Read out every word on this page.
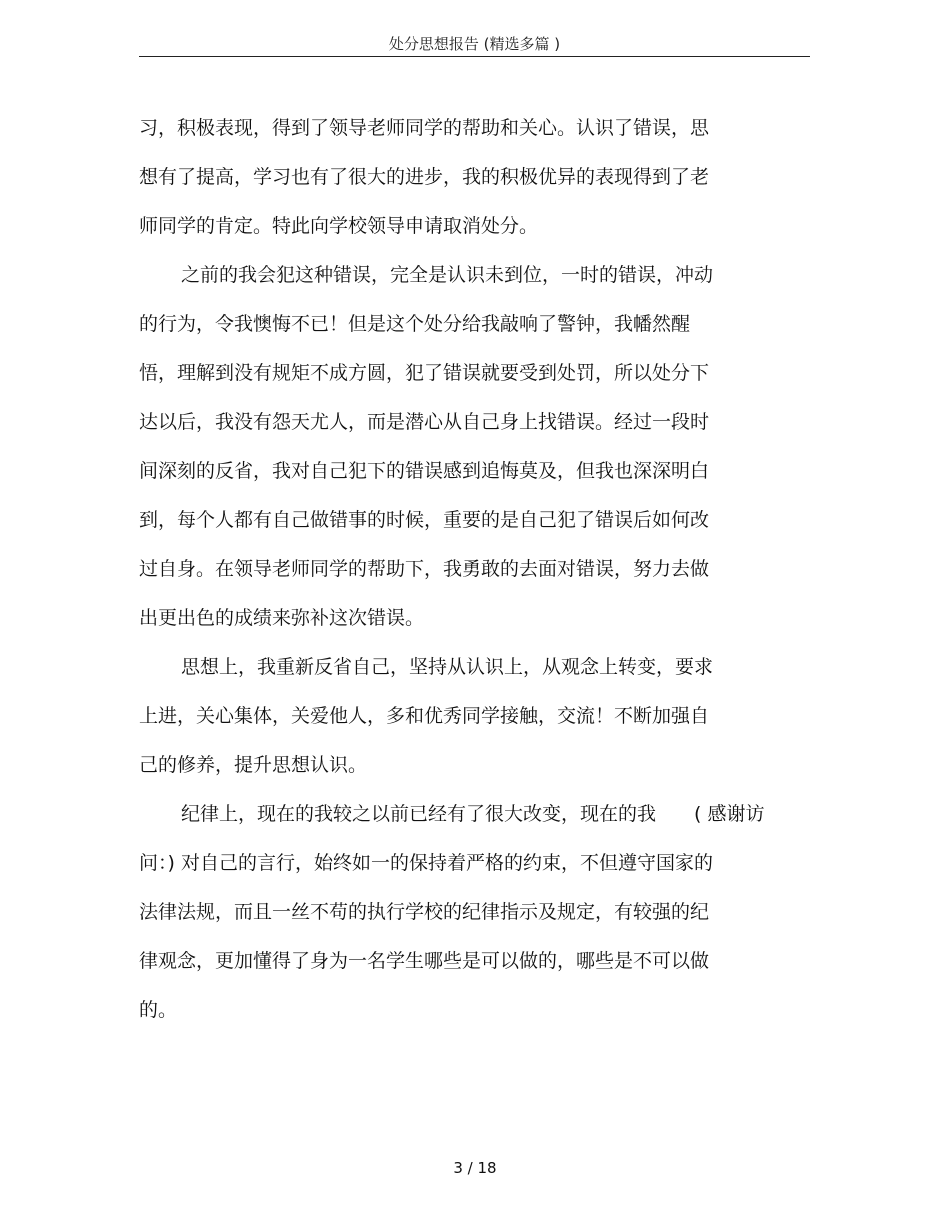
处分思想报告 (精选多篇 )
习，积极表现，得到了领导老师同学的帮助和关心。认识了错误，思
想有了提高，学习也有了很大的进步，我的积极优异的表现得到了老
师同学的肯定。特此向学校领导申请取消处分。
之前的我会犯这种错误，完全是认识未到位，一时的错误，冲动
的行为，令我懊悔不已！但是这个处分给我敲响了警钟，我幡然醒
悟，理解到没有规矩不成方圆，犯了错误就要受到处罚，所以处分下
达以后，我没有怨天尤人，而是潜心从自己身上找错误。经过一段时
间深刻的反省，我对自己犯下的错误感到追悔莫及，但我也深深明白
到，每个人都有自己做错事的时候，重要的是自己犯了错误后如何改
过自身。在领导老师同学的帮助下，我勇敢的去面对错误，努力去做
出更出色的成绩来弥补这次错误。
思想上，我重新反省自己，坚持从认识上，从观念上转变，要求
上进，关心集体，关爱他人，多和优秀同学接触，交流！不断加强自
己的修养，提升思想认识。
纪律上，现在的我较之以前已经有了很大改变，现在的我　　( 感谢访
问：) 对自己的言行，始终如一的保持着严格的约束，不但遵守国家的
法律法规，而且一丝不苟的执行学校的纪律指示及规定，有较强的纪
律观念，更加懂得了身为一名学生哪些是可以做的，哪些是不可以做
的。
3 / 18
